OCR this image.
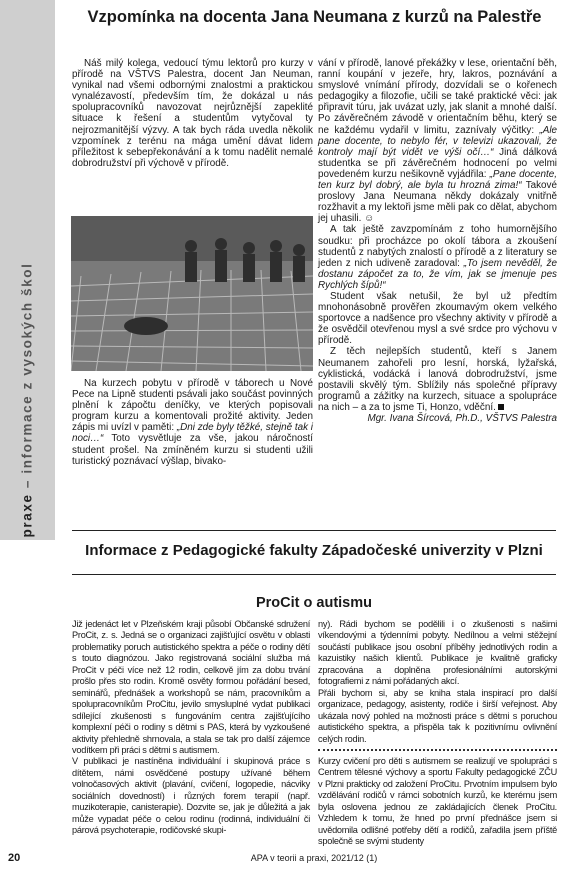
praxe – informace z vysokých škol
Vzpomínka na docenta Jana Neumana z kurzů na Palestře

Náš milý kolega, vedoucí týmu lektorů pro kurzy v přírodě na VŠTVS Palestra, docent Jan Neuman, vynikal nad všemi odbornými znalostmi a praktickou vynalézavostí, především tím, že dokázal u nás spolupracovníků navozovat nejrůznější zapeklité situace k řešení a studentům vytyčoval ty nejrozmanitější výzvy. A tak bych ráda uvedla několik vzpomínek z terénu na mága umění dávat lidem příležitost k sebepřekonávání a k tomu nadělit nemalé dobrodružství při výchově v přírodě.

Na kurzech pobytu v přírodě v táborech u Nové Pece na Lipně studenti psávali jako součást povinných plnění k zápočtu deníčky, ve kterých popisovali program kurzu a komentovali prožité aktivity. Jeden zápis mi uvízl v paměti: „Dni zde byly těžké, stejně tak i noci…“ Toto vysvětluje za vše, jakou náročností student prošel. Na zmíněném kurzu si studenti užili turistický poznávací výšlap, bivako-

vání v přírodě, lanové překážky v lese, orientační běh, ranní koupání v jezeře, hry, lakros, poznávání a smyslové vnímání přírody, dozvídali se o kořenech pedagogiky a filozofie, učili se také praktické věci: jak připravit túru, jak uvázat uzly, jak slanit a mnohé další. Po závěrečném závodě v orientačním běhu, který se ne každému vydařil v limitu, zaznívaly výčitky: „Ale pane docente, to nebylo fér, v televizi ukazovali, že kontroly mají být vidět ve výši očí…“ Jiná dálková studentka se při závěrečném hodnocení po velmi povedeném kurzu nešikovně vyjádřila: „Pane docente, ten kurz byl dobrý, ale byla tu hrozná zima!“ Takové proslovy Jana Neumana někdy dokázaly vnitřně rozžhavit a my lektoři jsme měli pak co dělat, abychom jej uhasili. ☺

A tak ještě zavzpomínám z toho humornějšího soudku: při procházce po okolí tábora a zkoušení studentů z nabytých znalostí o přírodě a z literatury se jeden z nich udiveně zaradoval: „To jsem nevěděl, že dostanu zápočet za to, že vím, jak se jmenuje pes Rychlých šípů!“

Student však netušil, že byl už předtím mnohonásobně prověřen zkoumavým okem velkého sportovce a nadšence pro všechny aktivity v přírodě a že osvědčil otevřenou mysl a své srdce pro výchovu v přírodě.

Z těch nejlepších studentů, kteří s Janem Neumanem zahořeli pro lesní, horská, lyžařská, cyklistická, vodácká i lanová dobrodružství, jsme postavili skvělý tým. Sblížily nás společné přípravy programů a zážitky na kurzech, situace a spolupráce na nich – a za to jsme Ti, Honzo, vděční.

Mgr. Ivana Šírcová, Ph.D., VŠTVS Palestra
Informace z Pedagogické fakulty Západočeské univerzity v Plzni
ProCit o autismu

Již jedenáct let v Plzeňském kraji působí Občanské sdružení ProCit, z. s. Jedná se o organizaci zajišťující osvětu v oblasti problematiky poruch autistického spektra a péče o rodiny dětí s touto diagnózou. Jako registrovaná sociální služba má ProCit v péči více než 12 rodin, celkově jím za dobu trvání prošlo přes sto rodin. Kromě osvěty formou pořádání besed, seminářů, přednášek a workshopů se nám, pracovníkům a spolupracovníkům ProCitu, jevilo smysluplné vydat publikaci sdílející zkušenosti s fungováním centra zajišťujícího komplexní péči o rodiny s dětmi s PAS, která by vyzkoušené aktivity přehledně shrnovala, a stala se tak pro další zájemce vodítkem při práci s dětmi s autismem.

V publikaci je nastíněna individuální i skupinová práce s dítětem, námi osvědčené postupy užívané během volnočasových aktivit (plavání, cvičení, logopedie, nácviky sociálních dovedností) i různých forem terapií (např. muzikoterapie, canisterapie). Dozvite se, jak je důležitá a jak může vypadat péče o celou rodinu (rodinná, individuální či párová psychoterapie, rodičovské skupi-

ny). Rádi bychom se podělili i o zkušenosti s našimi víkendovými a týdenními pobyty. Nedílnou a velmi stěžejní součástí publikace jsou osobní příběhy jednotlivých rodin a kazuistiky našich klientů. Publikace je kvalitně graficky zpracována a doplněna profesionálními autorskými fotografiemi z námi pořádaných akcí.

Přáli bychom si, aby se kniha stala inspirací pro další organizace, pedagogy, asistenty, rodiče i širší veřejnost. Aby ukázala nový pohled na možnosti práce s dětmi s poruchou autistického spektra, a přispěla tak k pozitivnímu ovlivnění celých rodin.

Kurzy cvičení pro děti s autismem se realizují ve spolupráci s Centrem tělesné výchovy a sportu Fakulty pedagogické ZČU v Plzni prakticky od založení ProCitu. Prvotním impulsem bylo vzdělávání rodičů v rámci sobotních kurzů, ke kterému jsem byla oslovena jednou ze zakládajících členek ProCitu. Vzhledem k tomu, že hned po první přednášce jsem si uvědomila odlišné potřeby dětí a rodičů, zařadila jsem příště společně se svými studenty

20	APA v teorii a praxi, 2021/12 (1)
